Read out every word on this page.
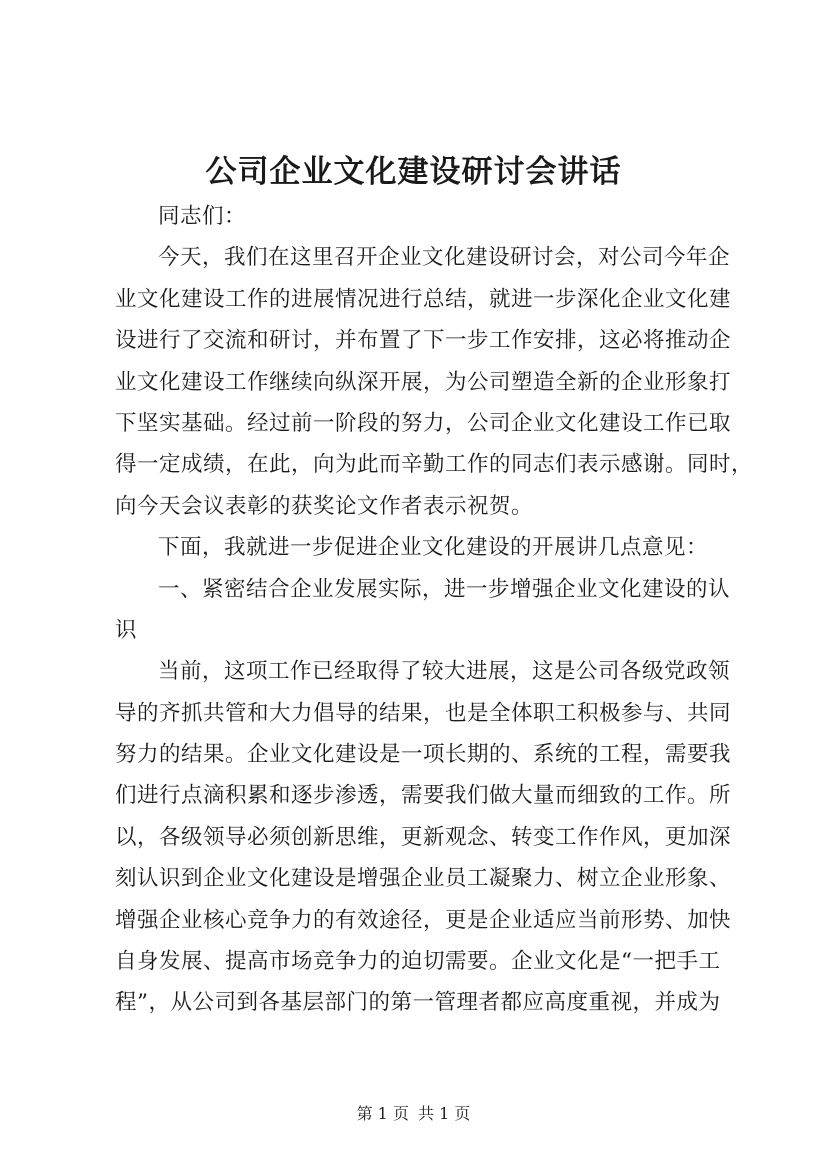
公司企业文化建设研讨会讲话
同志们：
今天，我们在这里召开企业文化建设研讨会，对公司今年企
业文化建设工作的进展情况进行总结，就进一步深化企业文化建
设进行了交流和研讨，并布置了下一步工作安排，这必将推动企
业文化建设工作继续向纵深开展，为公司塑造全新的企业形象打
下坚实基础。经过前一阶段的努力，公司企业文化建设工作已取
得一定成绩，在此，向为此而辛勤工作的同志们表示感谢。同时，
向今天会议表彰的获奖论文作者表示祝贺。
下面，我就进一步促进企业文化建设的开展讲几点意见：
一、紧密结合企业发展实际，进一步增强企业文化建设的认
识
当前，这项工作已经取得了较大进展，这是公司各级党政领
导的齐抓共管和大力倡导的结果，也是全体职工积极参与、共同
努力的结果。企业文化建设是一项长期的、系统的工程，需要我
们进行点滴积累和逐步渗透，需要我们做大量而细致的工作。所
以，各级领导必须创新思维，更新观念、转变工作作风，更加深
刻认识到企业文化建设是增强企业员工凝聚力、树立企业形象、
增强企业核心竞争力的有效途径，更是企业适应当前形势、加快
自身发展、提高市场竞争力的迫切需要。企业文化是“一把手工
程”，从公司到各基层部门的第一管理者都应高度重视，并成为
第 1 页 共 1 页
